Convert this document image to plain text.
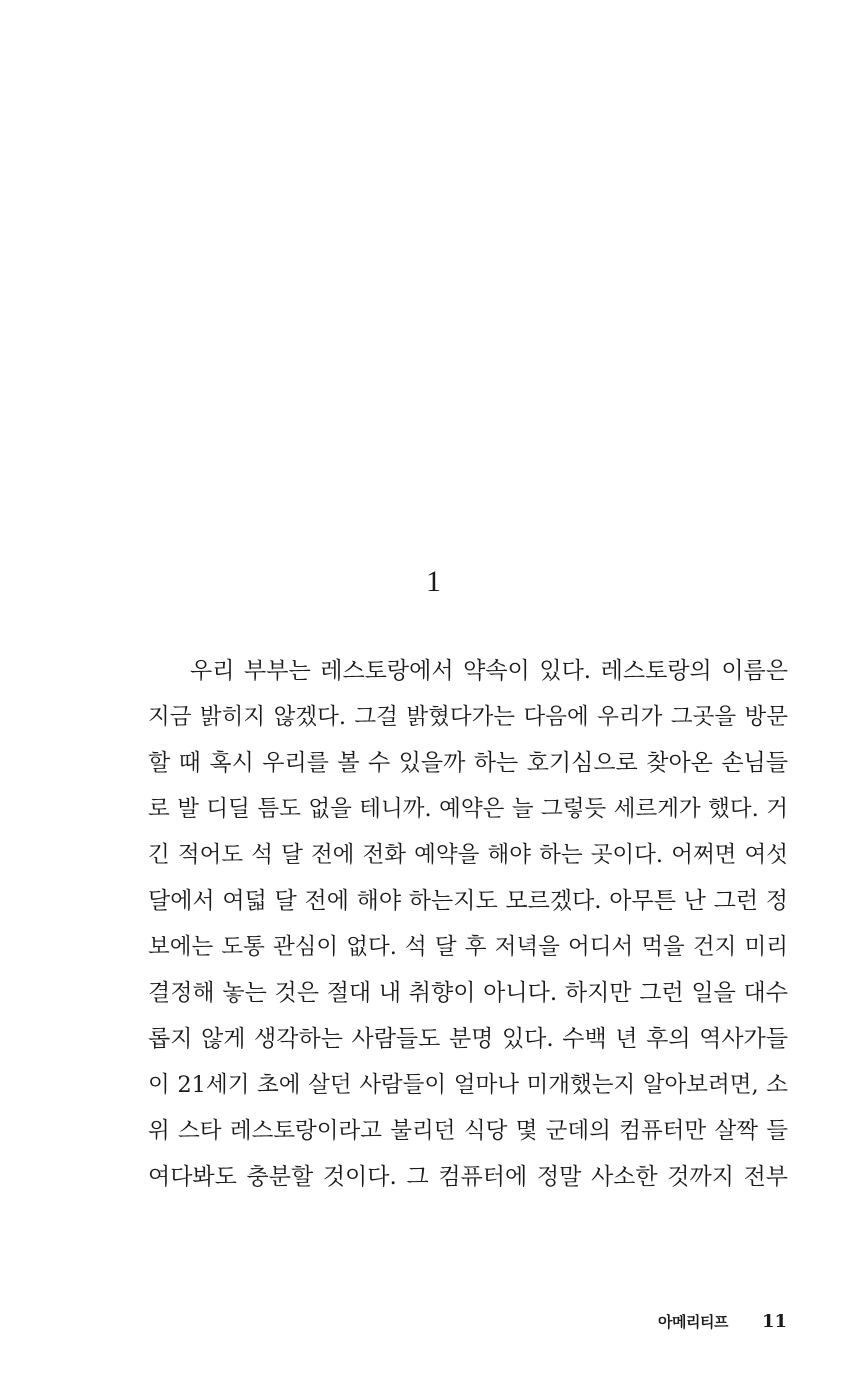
1
우리 부부는 레스토랑에서 약속이 있다. 레스토랑의 이름은
지금 밝히지 않겠다. 그걸 밝혔다가는 다음에 우리가 그곳을 방문
할 때 혹시 우리를 볼 수 있을까 하는 호기심으로 찾아온 손님들
로 발 디딜 틈도 없을 테니까. 예약은 늘 그렇듯 세르게가 했다. 거
긴 적어도 석 달 전에 전화 예약을 해야 하는 곳이다. 어쩌면 여섯
달에서 여덟 달 전에 해야 하는지도 모르겠다. 아무튼 난 그런 정
보에는 도통 관심이 없다. 석 달 후 저녁을 어디서 먹을 건지 미리
결정해 놓는 것은 절대 내 취향이 아니다. 하지만 그런 일을 대수
롭지 않게 생각하는 사람들도 분명 있다. 수백 년 후의 역사가들
이 21세기 초에 살던 사람들이 얼마나 미개했는지 알아보려면, 소
위 스타 레스토랑이라고 불리던 식당 몇 군데의 컴퓨터만 살짝 들
여다봐도 충분할 것이다. 그 컴퓨터에 정말 사소한 것까지 전부
아메리티프 11
